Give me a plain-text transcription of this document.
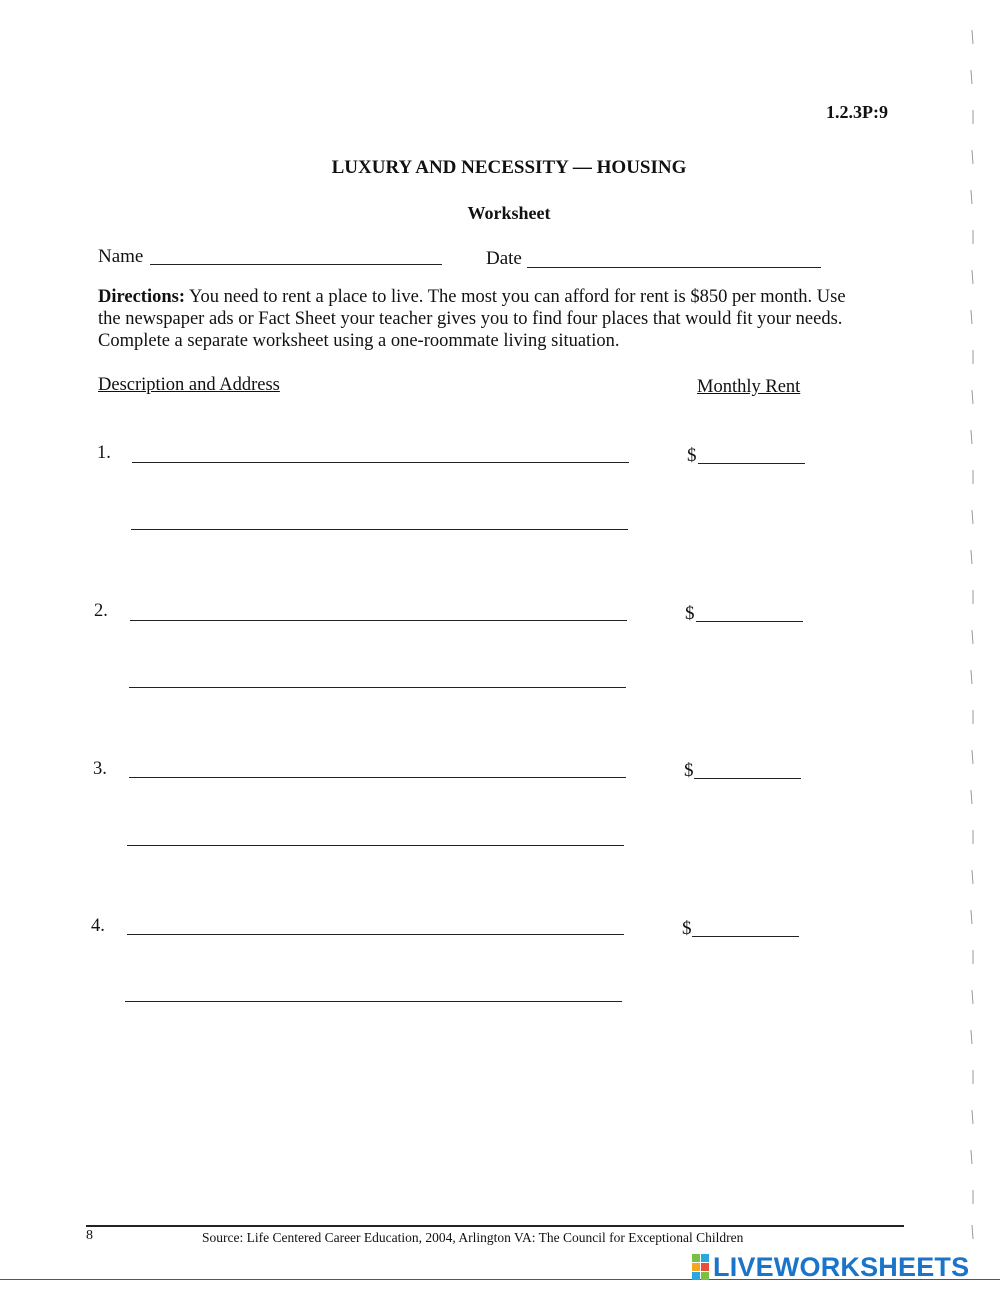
1.2.3P:9
LUXURY AND NECESSITY — HOUSING
Worksheet
Name	Date
Directions: You need to rent a place to live. The most you can afford for rent is $850 per month. Use
the newspaper ads or Fact Sheet your teacher gives you to find four places that would fit your needs.
Complete a separate worksheet using a one-roommate living situation.
Description and Address	Monthly Rent
1.	$
2.	$
3.	$
4.	$
8	Source: Life Centered Career Education, 2004, Arlington VA: The Council for Exceptional Children
LIVEWORKSHEETS
